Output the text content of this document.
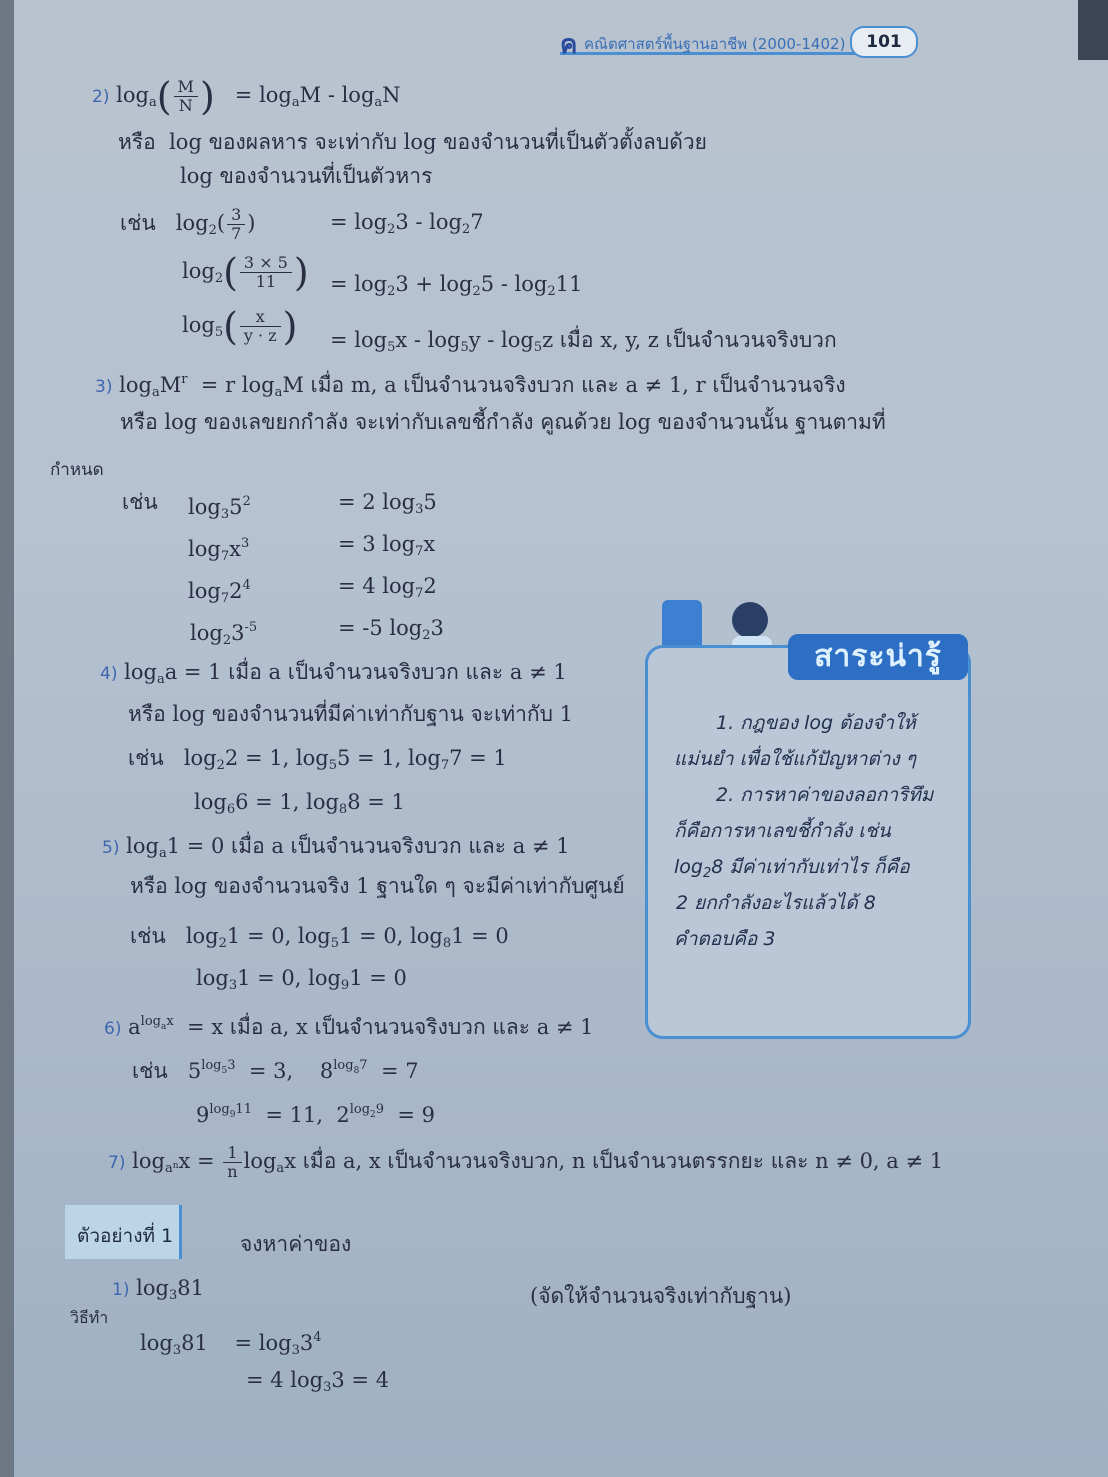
ค คณิตศาสตร์พื้นฐานอาชีพ (2000-1402)	101
2) $\log_a( \frac{M}{N}$ ) = $\log_aM - \log_aN$
หรือ log ของผลหาร จะเท่ากับ log ของจำนวนที่เป็นตัวตั้งลบด้วย
log ของจำนวนที่เป็นตัวหาร
เช่น   $\log_2( \frac{3}{7}$ )	= $\log_23 - \log_27$
$\log_2( \frac{3 \times 5}{11}$ ) = $\log_23 + \log_25 - \log_211$
$\log_5( \frac{x}{y \cdot z}$ ) = $\log_5x - \log_5y - \log_5z$ เมื่อ x, y, z เป็นจำนวนจริงบวก
3) $\log_aM^r = r$ $\log_aM$ เมื่อ m, a เป็นจำนวนจริงบวก และ a ≠ 1, r เป็นจำนวนจริง
หรือ log ของเลขยกกำลัง จะเท่ากับเลขชี้กำลัง คูณด้วย log ของจำนวนนั้น ฐานตามที่
กำหนด
เช่น $\log_35^2$	= 2 $\log_35$
$\log_7x^3$	= 3 $\log_7x$
$\log_72^4$	= 4 $\log_72$
$\log_23^{-5}$	= -5 $\log_23$
4) $\log_aa = 1$ เมื่อ a เป็นจำนวนจริงบวก และ a ≠ 1
หรือ log ของจำนวนที่มีค่าเท่ากับฐาน จะเท่ากับ 1
เช่น   $\log_22 = 1$, $\log_55 = 1$, $\log_77 = 1$
$\log_66 = 1$, $\log_88 = 1$
5) $\log_a1 = 0$ เมื่อ a เป็นจำนวนจริงบวก และ a ≠ 1
หรือ log ของจำนวนจริง 1 ฐานใด ๆ จะมีค่าเท่ากับศูนย์
เช่น   $\log_21 = 0$, $\log_51 = 0$, $\log_81 = 0$
$\log_31 = 0$, $\log_91 = 0$
6) $a^{log_ax} = x$ เมื่อ a, x เป็นจำนวนจริงบวก และ a ≠ 1
เช่น   $5^{log_53} = 3$,    $8^{log_87} = 7$
$9^{log_911} = 11$,  $2^{log_29} = 9$
7) $\log_{a^n}x = \frac{1}{n} \log_ax$ เมื่อ a, x เป็นจำนวนจริงบวก, n เป็นจำนวนตรรกยะ และ n ≠ 0, a ≠ 1
ตัวอย่างที่ 1	จงหาค่าของ
1) $\log_381$
วิธีทำ
(จัดให้จำนวนจริงเท่ากับฐาน)
$\log_381$    = $\log_33^4$
= 4 $\log_33 = 4$
สาระน่ารู้
1. กฎของ log ต้องจำให้
แม่นยำ เพื่อใช้แก้ปัญหาต่าง ๆ
2. การหาค่าของลอการิทึม
ก็คือการหาเลขชี้กำลัง เช่น
$\log_28$ มีค่าเท่ากับเท่าไร ก็คือ
2 ยกกำลังอะไรแล้วได้ 8
คำตอบคือ 3
